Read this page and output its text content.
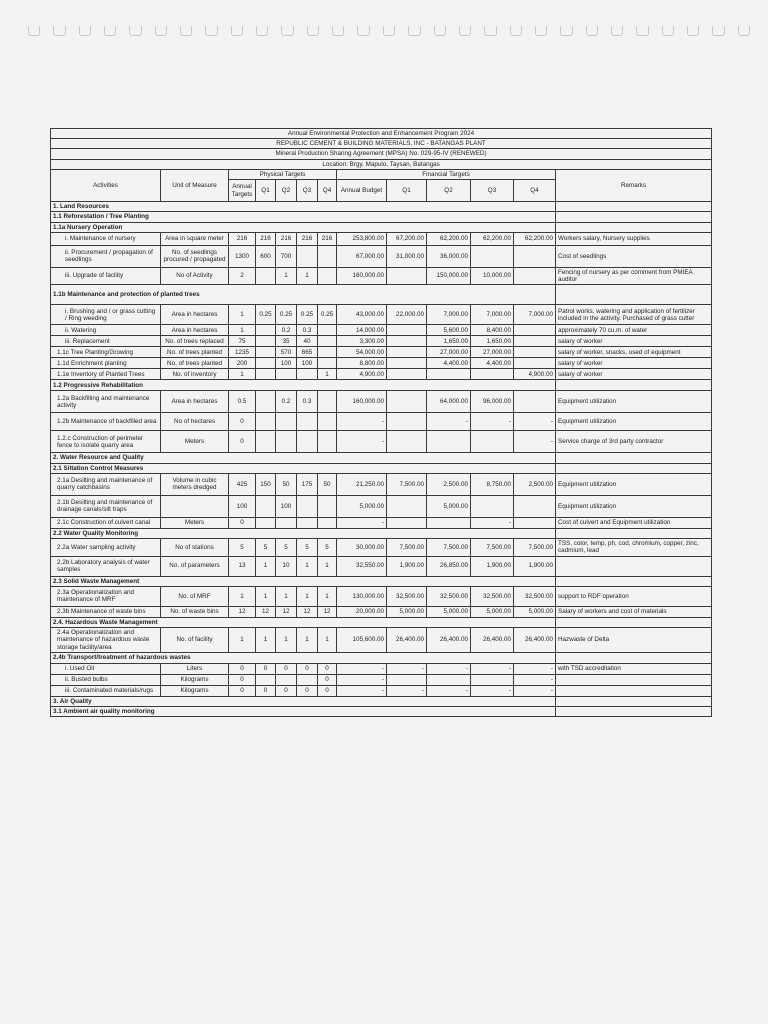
Annual Environmental Protection and Enhancement Program 2024												
REPUBLIC CEMENT & BUILDING MATERIALS, INC - BATANGAS PLANT												
Mineral Production Sharing Agreement (MPSA) No. 029-95-IV (RENEWED)												
Location: Brgy. Mapulo, Taysan, Batangas												
Activities	Unit of Measure	Physical Targets					Financial Targets					Remarks
		Annual Targets	Q1	Q2	Q3	Q4	Annual Budget	Q1	Q2	Q3	Q4	
1. Land Resources												
1.1 Reforestation / Tree Planting												
1.1a Nursery Operation												
i. Maintenance of nursery	Area in square meter	216	216	216	216	216	253,800.00	67,200.00	62,200.00	62,200.00	62,200.00	Workers salary, Nursery supplies
ii. Procurement / propagation of seedlings	No. of seedlings procured / propagated	1300	600	700			67,000.00	31,000.00	36,000.00			Cost of seedlings
iii. Upgrade of facility	No of Activity	2		1	1		160,000.00		150,000.00	10,000.00		Fencing of nursery as per comment from PMIEA auditor
1.1b Maintenance and protection of planted trees												
i. Brushing and / or grass cutting / Ring weeding	Area in hectares	1	0.25	0.25	0.25	0.25	43,000.00	22,000.00	7,000.00	7,000.00	7,000.00	Patrol works, watering and application of fertilizer included in the activity. Purchased of grass cutter
ii. Watering	Area in hectares	1		0.2	0.3		14,000.00		5,600.00	8,400.00		approximately 70 cu.m. of water
iii. Replacement	No. of trees replaced	75		35	40		3,300.00		1,650.00	1,650.00		salary of worker
1.1c Tree Planting/Growing	No. of trees planted	1235		570	665		54,000.00		27,000.00	27,000.00		salary of worker, snacks, used of equipment
1.1d Enrichment planting	No. of trees planted	200		100	100		8,800.00		4,400.00	4,400.00		salary of worker
1.1e Inventory of Planted Trees	No. of inventory	1				1	4,900.00				4,900.00	salary of worker
1.2 Progressive Rehabilitation												
1.2a Backfilling and maintenance activity	Area in hectares	0.5		0.2	0.3		160,000.00		64,000.00	96,000.00		Equipment utilization
1.2b Maintenance of backfilled area	No of hectares	0					-		-	-	-	Equipment utilization
1.2.c Construction of perimeter fence to isolate quarry area	Meters	0					-				-	Service charge of 3rd party contractor
2. Water Resource and Quality												
2.1 Siltation Control Measures												
2.1a Desilting and maintenance of quarry catchbasins	Volume in cubic meters dredged	425	150	50	175	50	21,250.00	7,500.00	2,500.00	8,750.00	2,500.00	Equipment utilization
2.1b Desilting and maintenance of drainage canals/silt traps		100		100			5,000.00		5,000.00			Equipment utilization
2.1c Construction of culvert canal	Meters	0					-			-		Cost of culvert and Equipment utilization
2.2 Water Quality Monitoring												
2.2a Water sampling activity	No of stations	5	5	5	5	5	30,000.00	7,500.00	7,500.00	7,500.00	7,500.00	TSS, color, temp, ph, cod, chromium, copper, zinc, cadmium, lead
2.2b Laboratory analysis of water samples	No. of parameters	13	1	10	1	1	32,550.00	1,900.00	26,850.00	1,900.00	1,900.00	
2.3 Solid Waste Management												
2.3a Operationalization and maintenance of MRF	No. of MRF	1	1	1	1	1	130,000.00	32,500.00	32,500.00	32,500.00	32,500.00	support to RDF operation
2.3b Maintenance of waste bins	No. of waste bins	12	12	12	12	12	20,000.00	5,000.00	5,000.00	5,000.00	5,000.00	Salary of workers and cost of materials
2.4. Hazardous Waste Management												
2.4a Operationalization and maintenance of hazardous waste storage facility/area	No. of facility	1	1	1	1	1	105,600.00	26,400.00	26,400.00	26,400.00	26,400.00	Hazwaste of Delta
2.4b Transport/treatment of hazardous wastes												
i. Used Oil	Liters	0	0	0	0	0	-	-	-	-	-	with TSD accreditation
ii. Busted bulbs	Kilograms	0				0	-				-	
iii. Contaminated materials/rugs	Kilograms	0	0	0	0	0	-	-	-	-	-	
3. Air Quality												
3.1 Ambient air quality monitoring												
